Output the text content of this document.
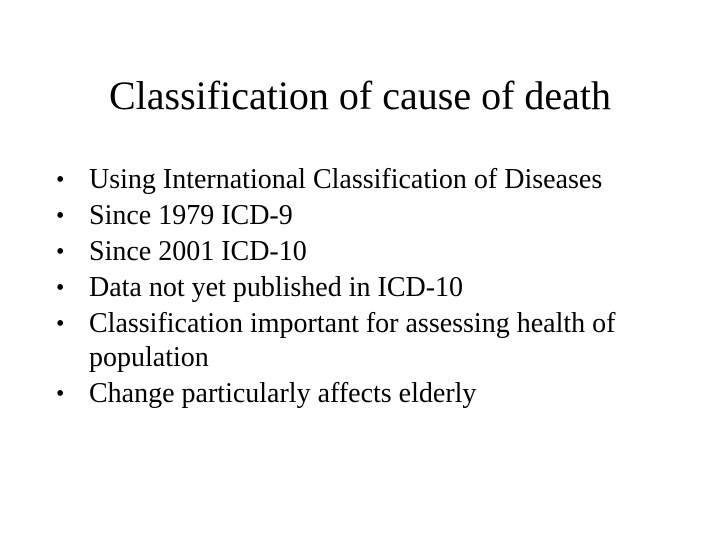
Classification of cause of death
• Using International Classification of Diseases
• Since 1979 ICD-9
• Since 2001 ICD-10
• Data not yet published in ICD-10
• Classification important for assessing health of population
• Change particularly affects elderly
